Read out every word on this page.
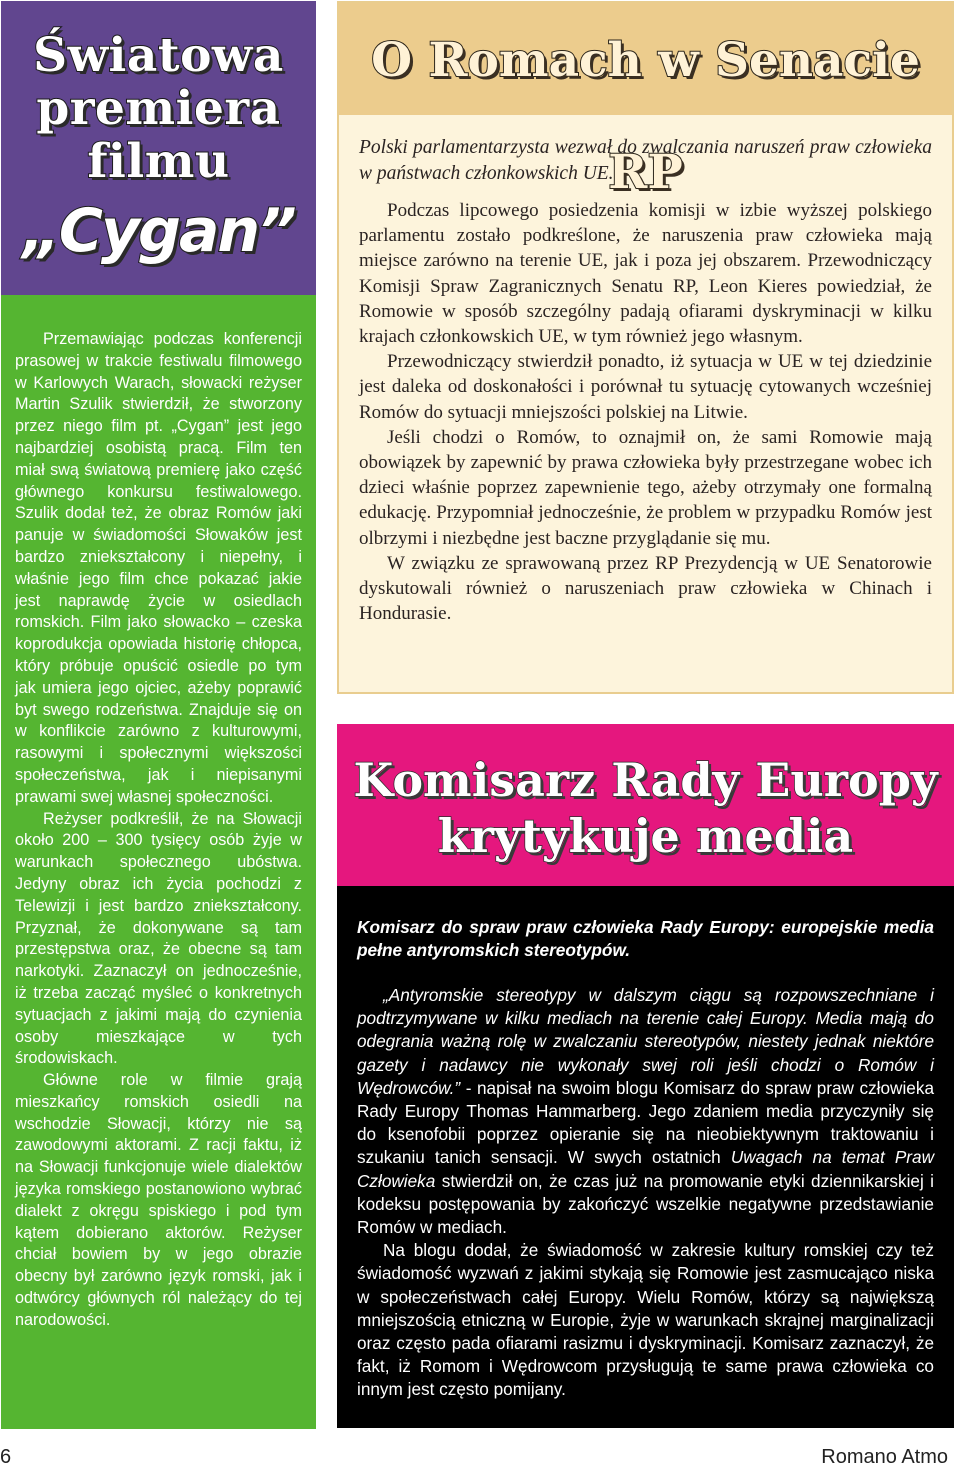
Światowa premiera filmu
„Cygan”

Przemawiając podczas konferencji prasowej w trakcie festiwalu filmowego w Karlowych Warach, słowacki reżyser Martin Szulik stwierdził, że stworzony przez niego film pt. „Cygan” jest jego najbardziej osobistą pracą. Film ten miał swą światową premierę jako część głównego konkursu festiwalowego. Szulik dodał też, że obraz Romów jaki panuje w świadomości Słowaków jest bardzo zniekształcony i niepełny, i właśnie jego film chce pokazać jakie jest naprawdę życie w osiedlach romskich. Film jako słowacko – czeska koprodukcja opowiada historię chłopca, który próbuje opuścić osiedle po tym jak umiera jego ojciec, ażeby poprawić byt swego rodzeństwa. Znajduje się on w konflikcie zarówno z kulturowymi, rasowymi i społecznymi większości społeczeństwa, jak i niepisanymi prawami swej własnej społeczności.

Reżyser podkreślił, że na Słowacji około 200 – 300 tysięcy osób żyje w warunkach społecznego ubóstwa. Jedyny obraz ich życia pochodzi z Telewizji i jest bardzo zniekształcony. Przyznał, że dokonywane są tam przestępstwa oraz, że obecne są tam narkotyki. Zaznaczył on jednocześnie, iż trzeba zacząć myśleć o konkretnych sytuacjach z jakimi mają do czynienia osoby mieszkające w tych środowiskach.

Główne role w filmie grają mieszkańcy romskich osiedli na wschodzie Słowacji, którzy nie są zawodowymi aktorami. Z racji faktu, iż na Słowacji funkcjonuje wiele dialektów języka romskiego postanowiono wybrać dialekt z okręgu spiskiego i pod tym kątem dobierano aktorów. Reżyser chciał bowiem by w jego obrazie obecny był zarówno język romski, jak i odtwórcy głównych ról należący do tej narodowości.

O Romach w Senacie RP

Polski parlamentarzysta wezwał do zwalczania naruszeń praw człowieka w państwach członkowskich UE.

Podczas lipcowego posiedzenia komisji w izbie wyższej polskiego parlamentu zostało podkreślone, że naruszenia praw człowieka mają miejsce zarówno na terenie UE, jak i poza jej obszarem. Przewodniczący Komisji Spraw Zagranicznych Senatu RP, Leon Kieres powiedział, że Romowie w sposób szczególny padają ofiarami dyskryminacji w kilku krajach członkowskich UE, w tym również jego własnym.

Przewodniczący stwierdził ponadto, iż sytuacja w UE w tej dziedzinie jest daleka od doskonałości i porównał tu sytuację cytowanych wcześniej Romów do sytuacji mniejszości polskiej na Litwie.

Jeśli chodzi o Romów, to oznajmił on, że sami Romowie mają obowiązek by zapewnić by prawa człowieka były przestrzegane wobec ich dzieci właśnie poprzez zapewnienie tego, ażeby otrzymały one formalną edukację. Przypomniał jednocześnie, że problem w przypadku Romów jest olbrzymi i niezbędne jest baczne przyglądanie się mu.

W związku ze sprawowaną przez RP Prezydencją w UE Senatorowie dyskutowali również o naruszeniach praw człowieka w Chinach i Hondurasie.

Komisarz Rady Europy krytykuje media

Komisarz do spraw praw człowieka Rady Europy: europejskie media pełne antyromskich stereotypów.

„Antyromskie stereotypy w dalszym ciągu są rozpowszechniane i podtrzymywane w kilku mediach na terenie całej Europy. Media mają do odegrania ważną rolę w zwalczaniu stereotypów, niestety jednak niektóre gazety i nadawcy nie wykonały swej roli jeśli chodzi o Romów i Wędrowców.” - napisał na swoim blogu Komisarz do spraw praw człowieka Rady Europy Thomas Hammarberg. Jego zdaniem media przyczyniły się do ksenofobii poprzez opieranie się na nieobiektywnym traktowaniu i szukaniu tanich sensacji. W swych ostatnich Uwagach na temat Praw Człowieka stwierdził on, że czas już na promowanie etyki dziennikarskiej i kodeksu postępowania by zakończyć wszelkie negatywne przedstawianie Romów w mediach.

Na blogu dodał, że świadomość w zakresie kultury romskiej czy też świadomość wyzwań z jakimi stykają się Romowie jest zasmucająco niska w społeczeństwach całej Europy. Wielu Romów, którzy są największą mniejszością etniczną w Europie, żyje w warunkach skrajnej marginalizacji oraz często pada ofiarami rasizmu i dyskryminacji. Komisarz zaznaczył, że fakt, iż Romom i Wędrowcom przysługują te same prawa człowieka co innym jest często pomijany.

6	Romano Atmo
